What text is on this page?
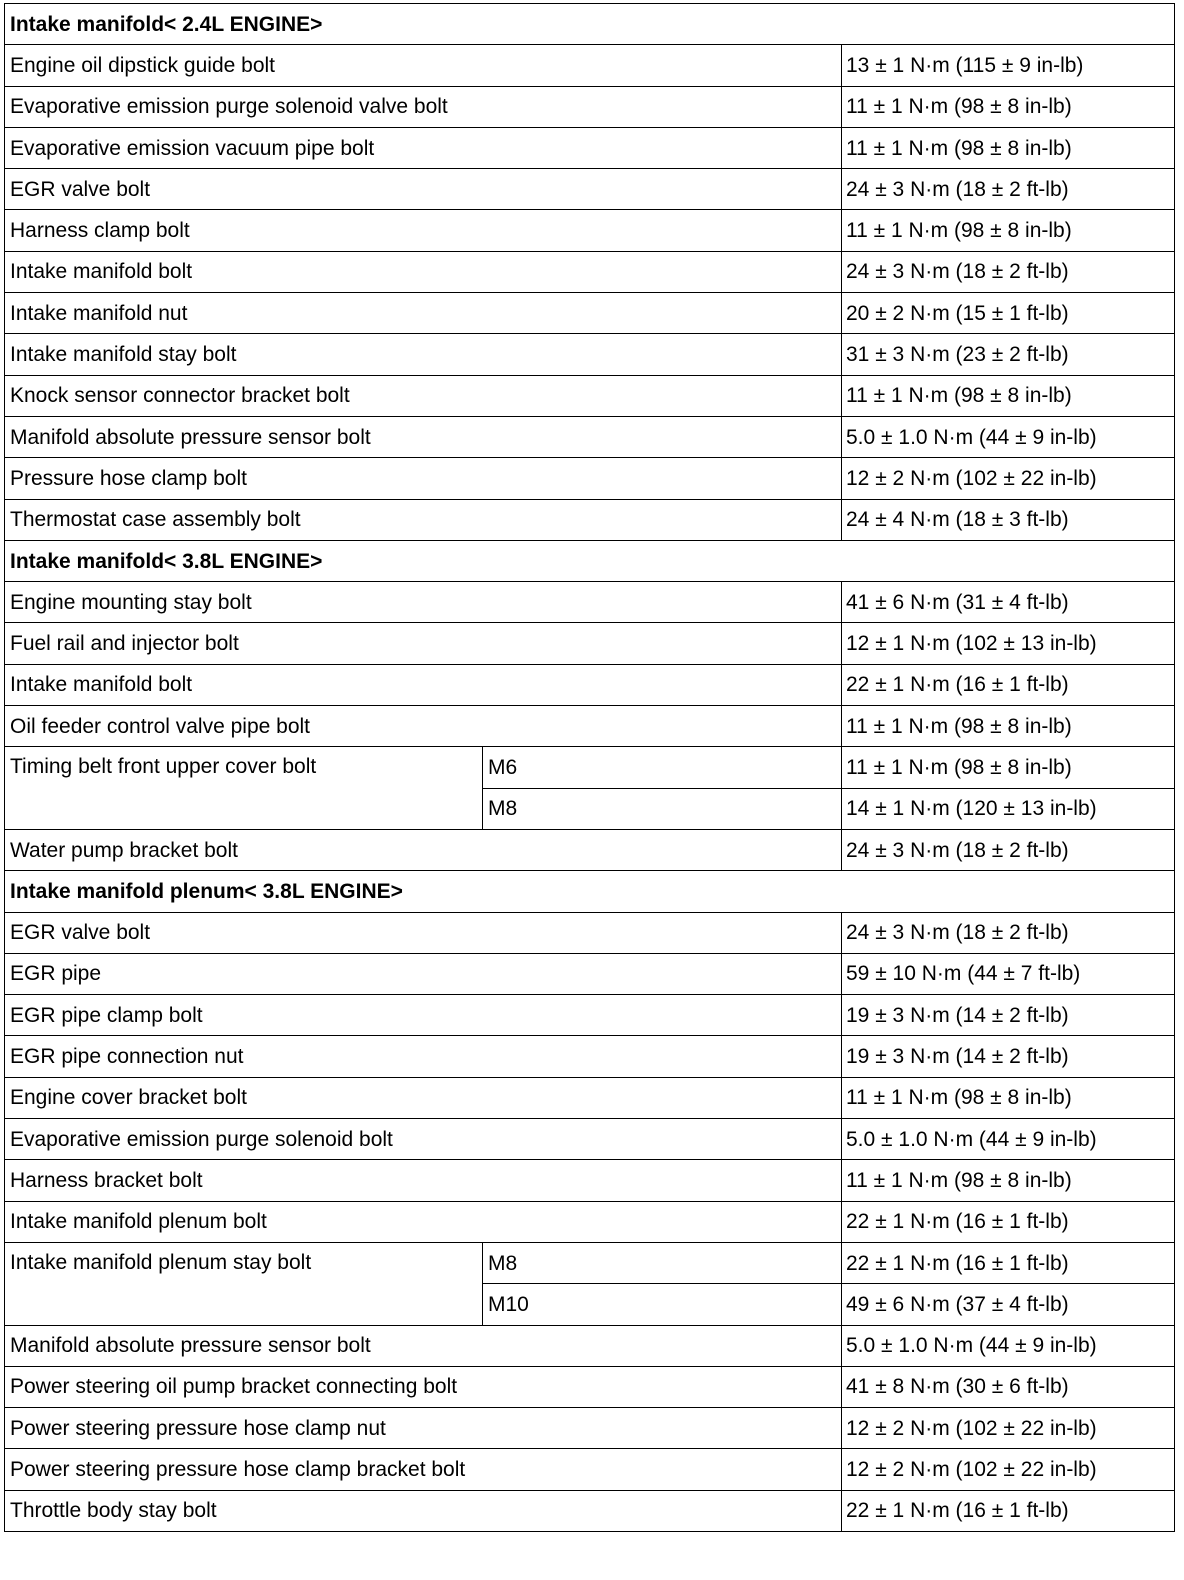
Intake manifold< 2.4L ENGINE>		
Engine oil dipstick guide bolt		13 ± 1 N·m (115 ± 9 in-lb)
Evaporative emission purge solenoid valve bolt		11 ± 1 N·m (98 ± 8 in-lb)
Evaporative emission vacuum pipe bolt		11 ± 1 N·m (98 ± 8 in-lb)
EGR valve bolt		24 ± 3 N·m (18 ± 2 ft-lb)
Harness clamp bolt		11 ± 1 N·m (98 ± 8 in-lb)
Intake manifold bolt		24 ± 3 N·m (18 ± 2 ft-lb)
Intake manifold nut		20 ± 2 N·m (15 ± 1 ft-lb)
Intake manifold stay bolt		31 ± 3 N·m (23 ± 2 ft-lb)
Knock sensor connector bracket bolt		11 ± 1 N·m (98 ± 8 in-lb)
Manifold absolute pressure sensor bolt		5.0 ± 1.0 N·m (44 ± 9 in-lb)
Pressure hose clamp bolt		12 ± 2 N·m (102 ± 22 in-lb)
Thermostat case assembly bolt		24 ± 4 N·m (18 ± 3 ft-lb)
Intake manifold< 3.8L ENGINE>		
Engine mounting stay bolt		41 ± 6 N·m (31 ± 4 ft-lb)
Fuel rail and injector bolt		12 ± 1 N·m (102 ± 13 in-lb)
Intake manifold bolt		22 ± 1 N·m (16 ± 1 ft-lb)
Oil feeder control valve pipe bolt		11 ± 1 N·m (98 ± 8 in-lb)
Timing belt front upper cover bolt	M6	11 ± 1 N·m (98 ± 8 in-lb)
	M8	14 ± 1 N·m (120 ± 13 in-lb)
Water pump bracket bolt		24 ± 3 N·m (18 ± 2 ft-lb)
Intake manifold plenum< 3.8L ENGINE>		
EGR valve bolt		24 ± 3 N·m (18 ± 2 ft-lb)
EGR pipe		59 ± 10 N·m (44 ± 7 ft-lb)
EGR pipe clamp bolt		19 ± 3 N·m (14 ± 2 ft-lb)
EGR pipe connection nut		19 ± 3 N·m (14 ± 2 ft-lb)
Engine cover bracket bolt		11 ± 1 N·m (98 ± 8 in-lb)
Evaporative emission purge solenoid bolt		5.0 ± 1.0 N·m (44 ± 9 in-lb)
Harness bracket bolt		11 ± 1 N·m (98 ± 8 in-lb)
Intake manifold plenum bolt		22 ± 1 N·m (16 ± 1 ft-lb)
Intake manifold plenum stay bolt	M8	22 ± 1 N·m (16 ± 1 ft-lb)
	M10	49 ± 6 N·m (37 ± 4 ft-lb)
Manifold absolute pressure sensor bolt		5.0 ± 1.0 N·m (44 ± 9 in-lb)
Power steering oil pump bracket connecting bolt		41 ± 8 N·m (30 ± 6 ft-lb)
Power steering pressure hose clamp nut		12 ± 2 N·m (102 ± 22 in-lb)
Power steering pressure hose clamp bracket bolt		12 ± 2 N·m (102 ± 22 in-lb)
Throttle body stay bolt		22 ± 1 N·m (16 ± 1 ft-lb)
